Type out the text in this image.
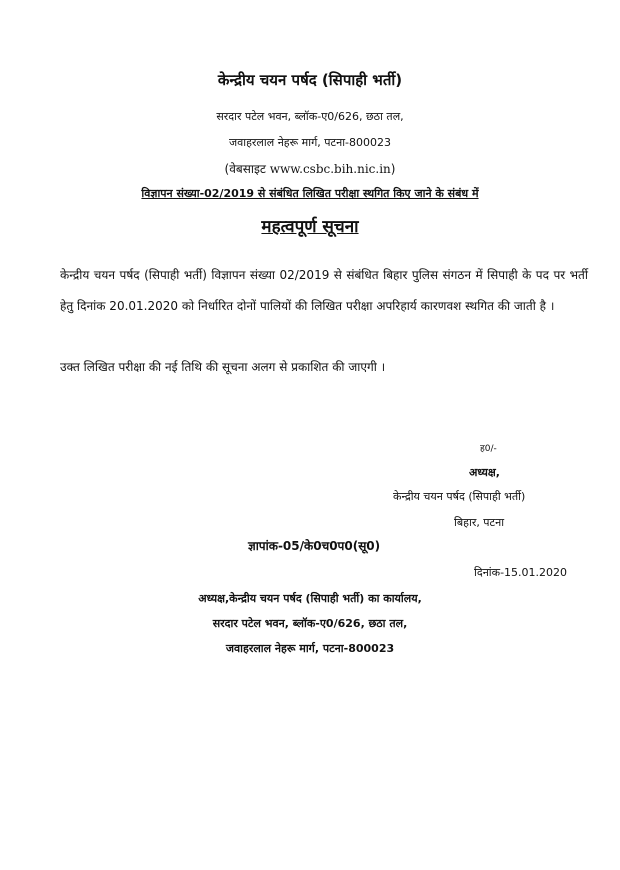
केन्द्रीय चयन पर्षद (सिपाही भर्ती)
सरदार पटेल भवन, ब्लॉक-ए0/626, छठा तल,
जवाहरलाल नेहरू मार्ग, पटना-800023
(वेबसाइट www.csbc.bih.nic.in)
विज्ञापन संख्या-02/2019 से संबंधित लिखित परीक्षा स्थगित किए जाने के संबंध में
महत्वपूर्ण सूचना
केन्द्रीय चयन पर्षद (सिपाही भर्ती) विज्ञापन संख्या 02/2019 से संबंधित बिहार पुलिस संगठन में सिपाही के पद पर भर्ती हेतु दिनांक 20.01.2020 को निर्धारित दोनों पालियों की लिखित परीक्षा अपरिहार्य कारणवश स्थगित की जाती है ।
उक्त लिखित परीक्षा की नई तिथि की सूचना अलग से प्रकाशित की जाएगी ।
ह0/-
अध्यक्ष,
केन्द्रीय चयन पर्षद (सिपाही भर्ती)
बिहार, पटना
ज्ञापांक-05/के0च0प0(सू0)
दिनांक-15.01.2020
अध्यक्ष,केन्द्रीय चयन पर्षद (सिपाही भर्ती) का कार्यालय,
सरदार पटेल भवन, ब्लॉक-ए0/626, छठा तल,
जवाहरलाल नेहरू मार्ग, पटना-800023
